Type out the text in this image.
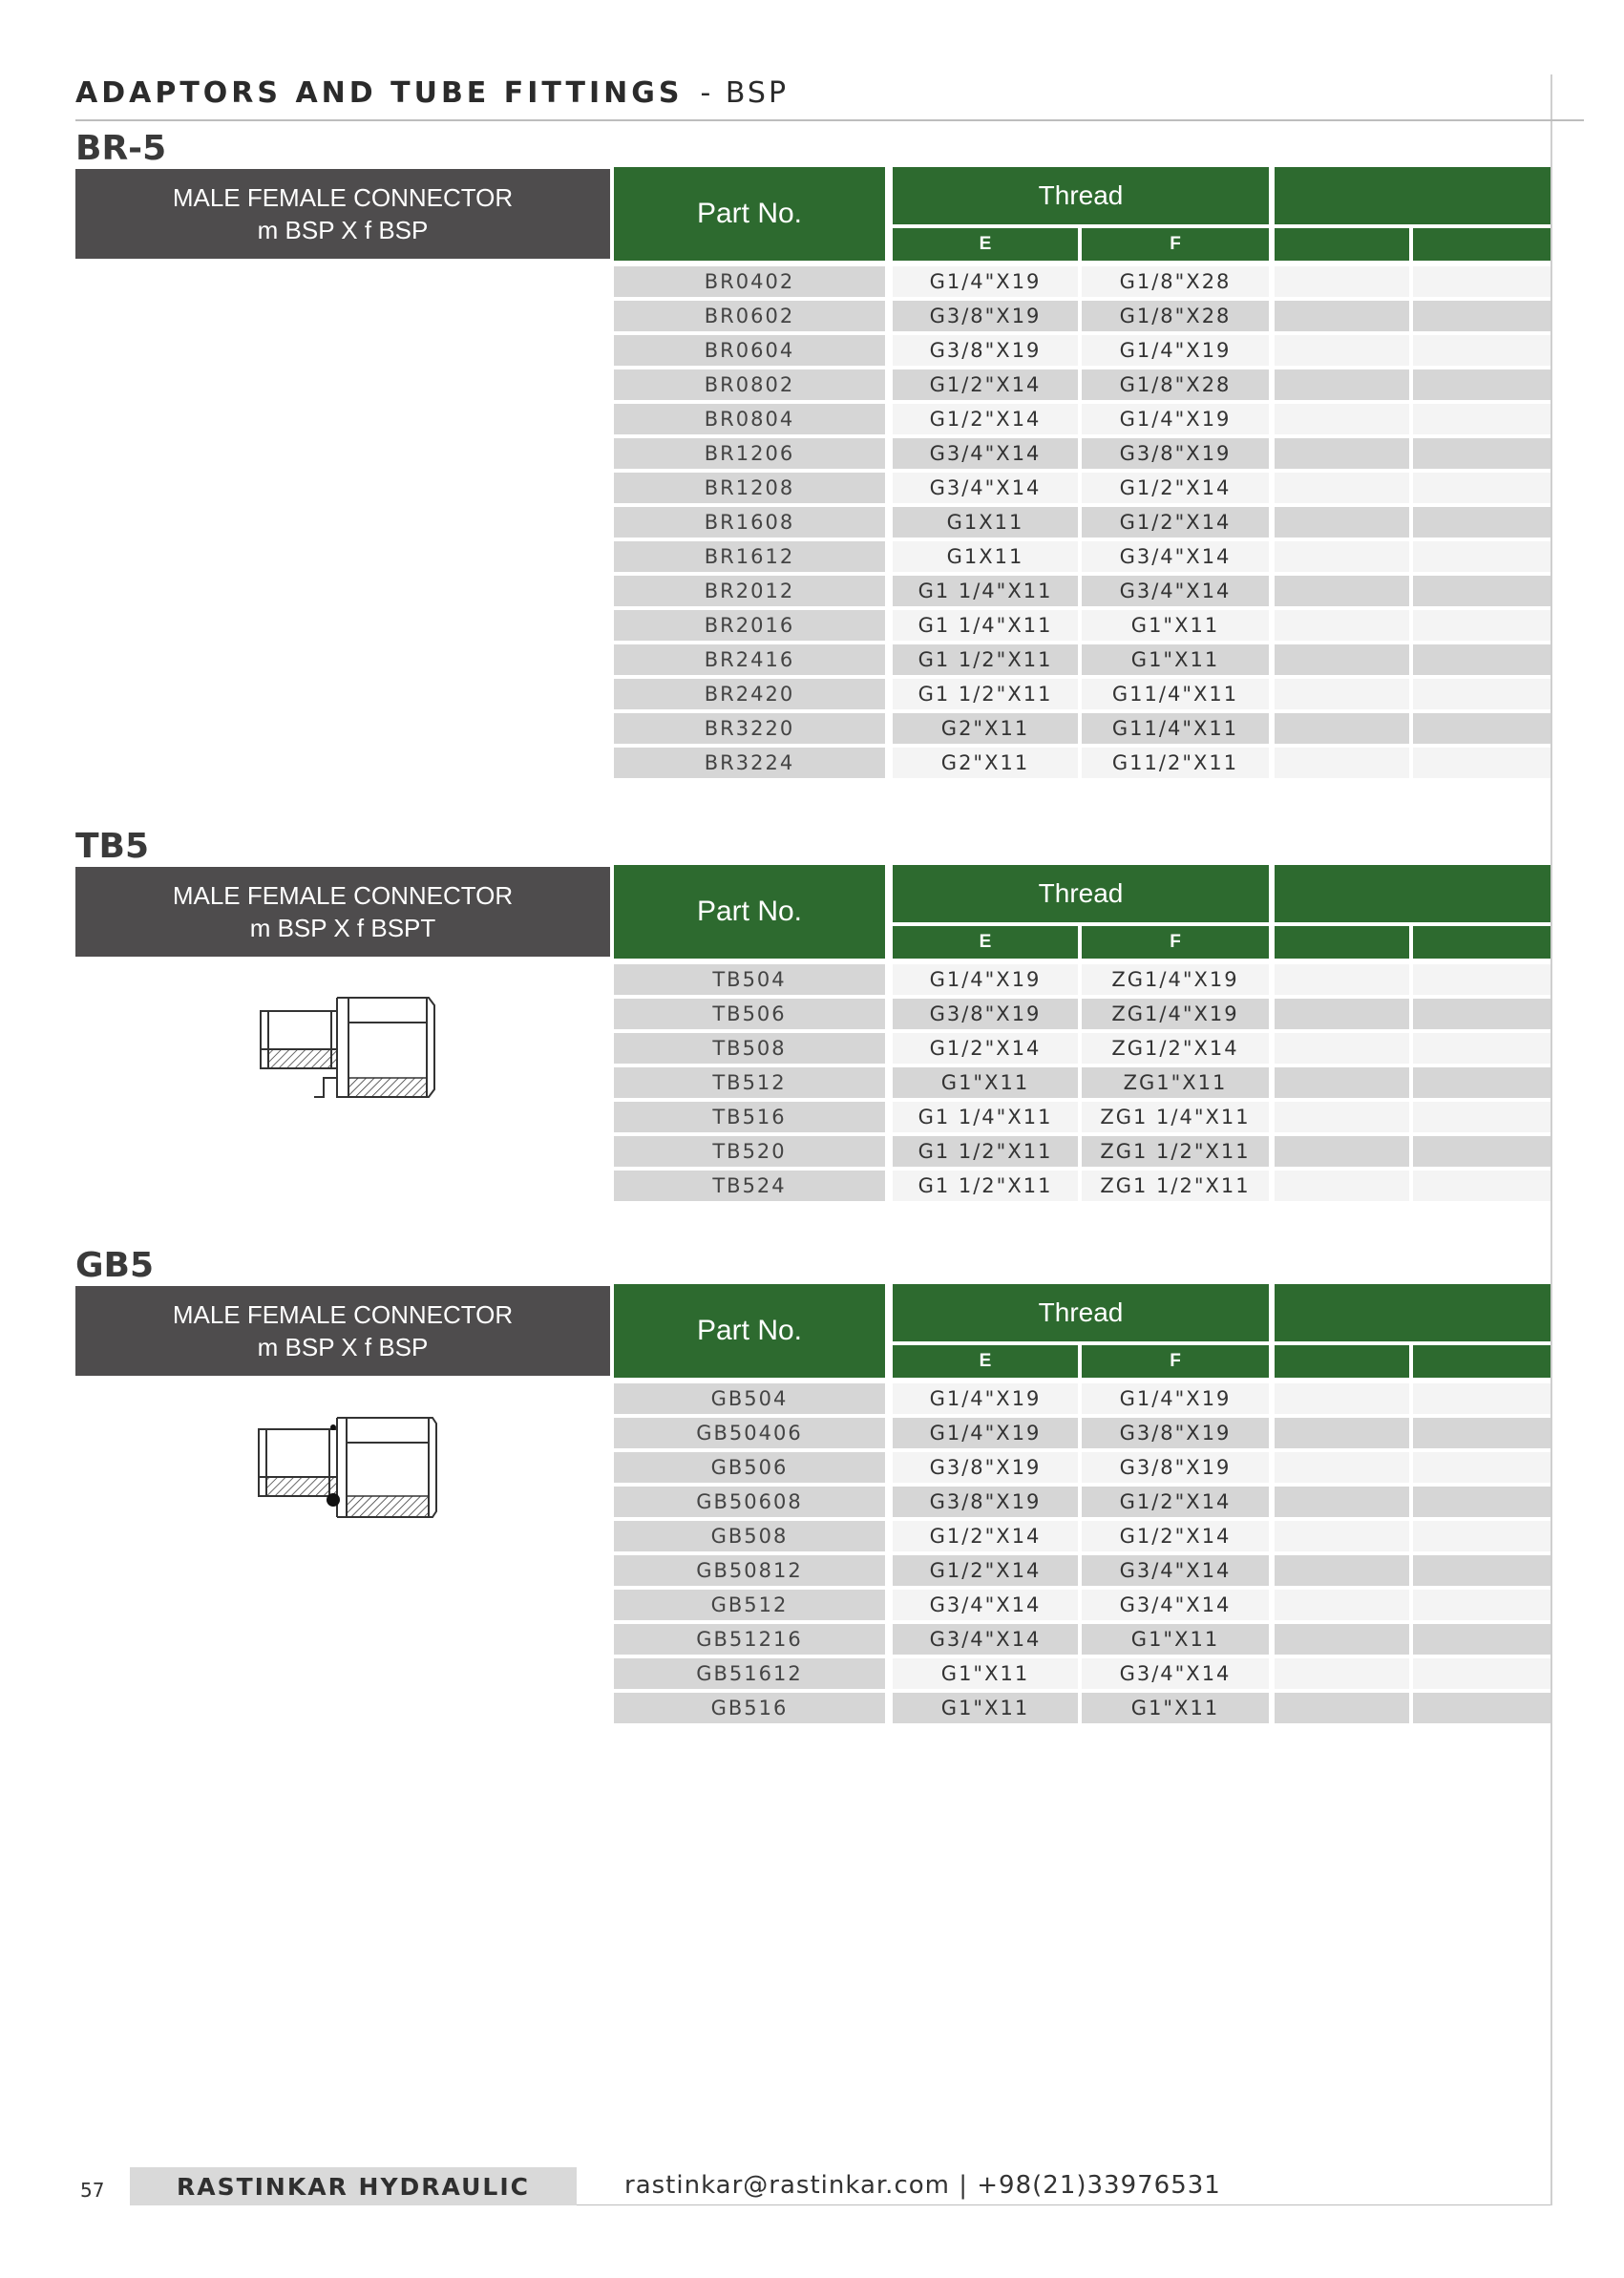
ADAPTORS AND TUBE FITTINGS - BSP
BR-5
MALE FEMALE CONNECTOR
m BSP X f BSP
Part No.
Thread
E	F
BR0402	G1/4"X19	G1/8"X28
BR0602	G3/8"X19	G1/8"X28
BR0604	G3/8"X19	G1/4"X19
BR0802	G1/2"X14	G1/8"X28
BR0804	G1/2"X14	G1/4"X19
BR1206	G3/4"X14	G3/8"X19
BR1208	G3/4"X14	G1/2"X14
BR1608	G1X11	G1/2"X14
BR1612	G1X11	G3/4"X14
BR2012	G1 1/4"X11	G3/4"X14
BR2016	G1 1/4"X11	G1"X11
BR2416	G1 1/2"X11	G1"X11
BR2420	G1 1/2"X11	G11/4"X11
BR3220	G2"X11	G11/4"X11
BR3224	G2"X11	G11/2"X11
TB5
MALE FEMALE CONNECTOR
m BSP X f BSPT
Part No.
Thread
E	F
TB504	G1/4"X19	ZG1/4"X19
TB506	G3/8"X19	ZG1/4"X19
TB508	G1/2"X14	ZG1/2"X14
TB512	G1"X11	ZG1"X11
TB516	G1 1/4"X11	ZG1 1/4"X11
TB520	G1 1/2"X11	ZG1 1/2"X11
TB524	G1 1/2"X11	ZG1 1/2"X11
GB5
MALE FEMALE CONNECTOR
m BSP X f BSP
Part No.
Thread
E	F
GB504	G1/4"X19	G1/4"X19
GB50406	G1/4"X19	G3/8"X19
GB506	G3/8"X19	G3/8"X19
GB50608	G3/8"X19	G1/2"X14
GB508	G1/2"X14	G1/2"X14
GB50812	G1/2"X14	G3/4"X14
GB512	G3/4"X14	G3/4"X14
GB51216	G3/4"X14	G1"X11
GB51612	G1"X11	G3/4"X14
GB516	G1"X11	G1"X11
57	RASTINKAR HYDRAULIC	rastinkar@rastinkar.com | +98(21)33976531
